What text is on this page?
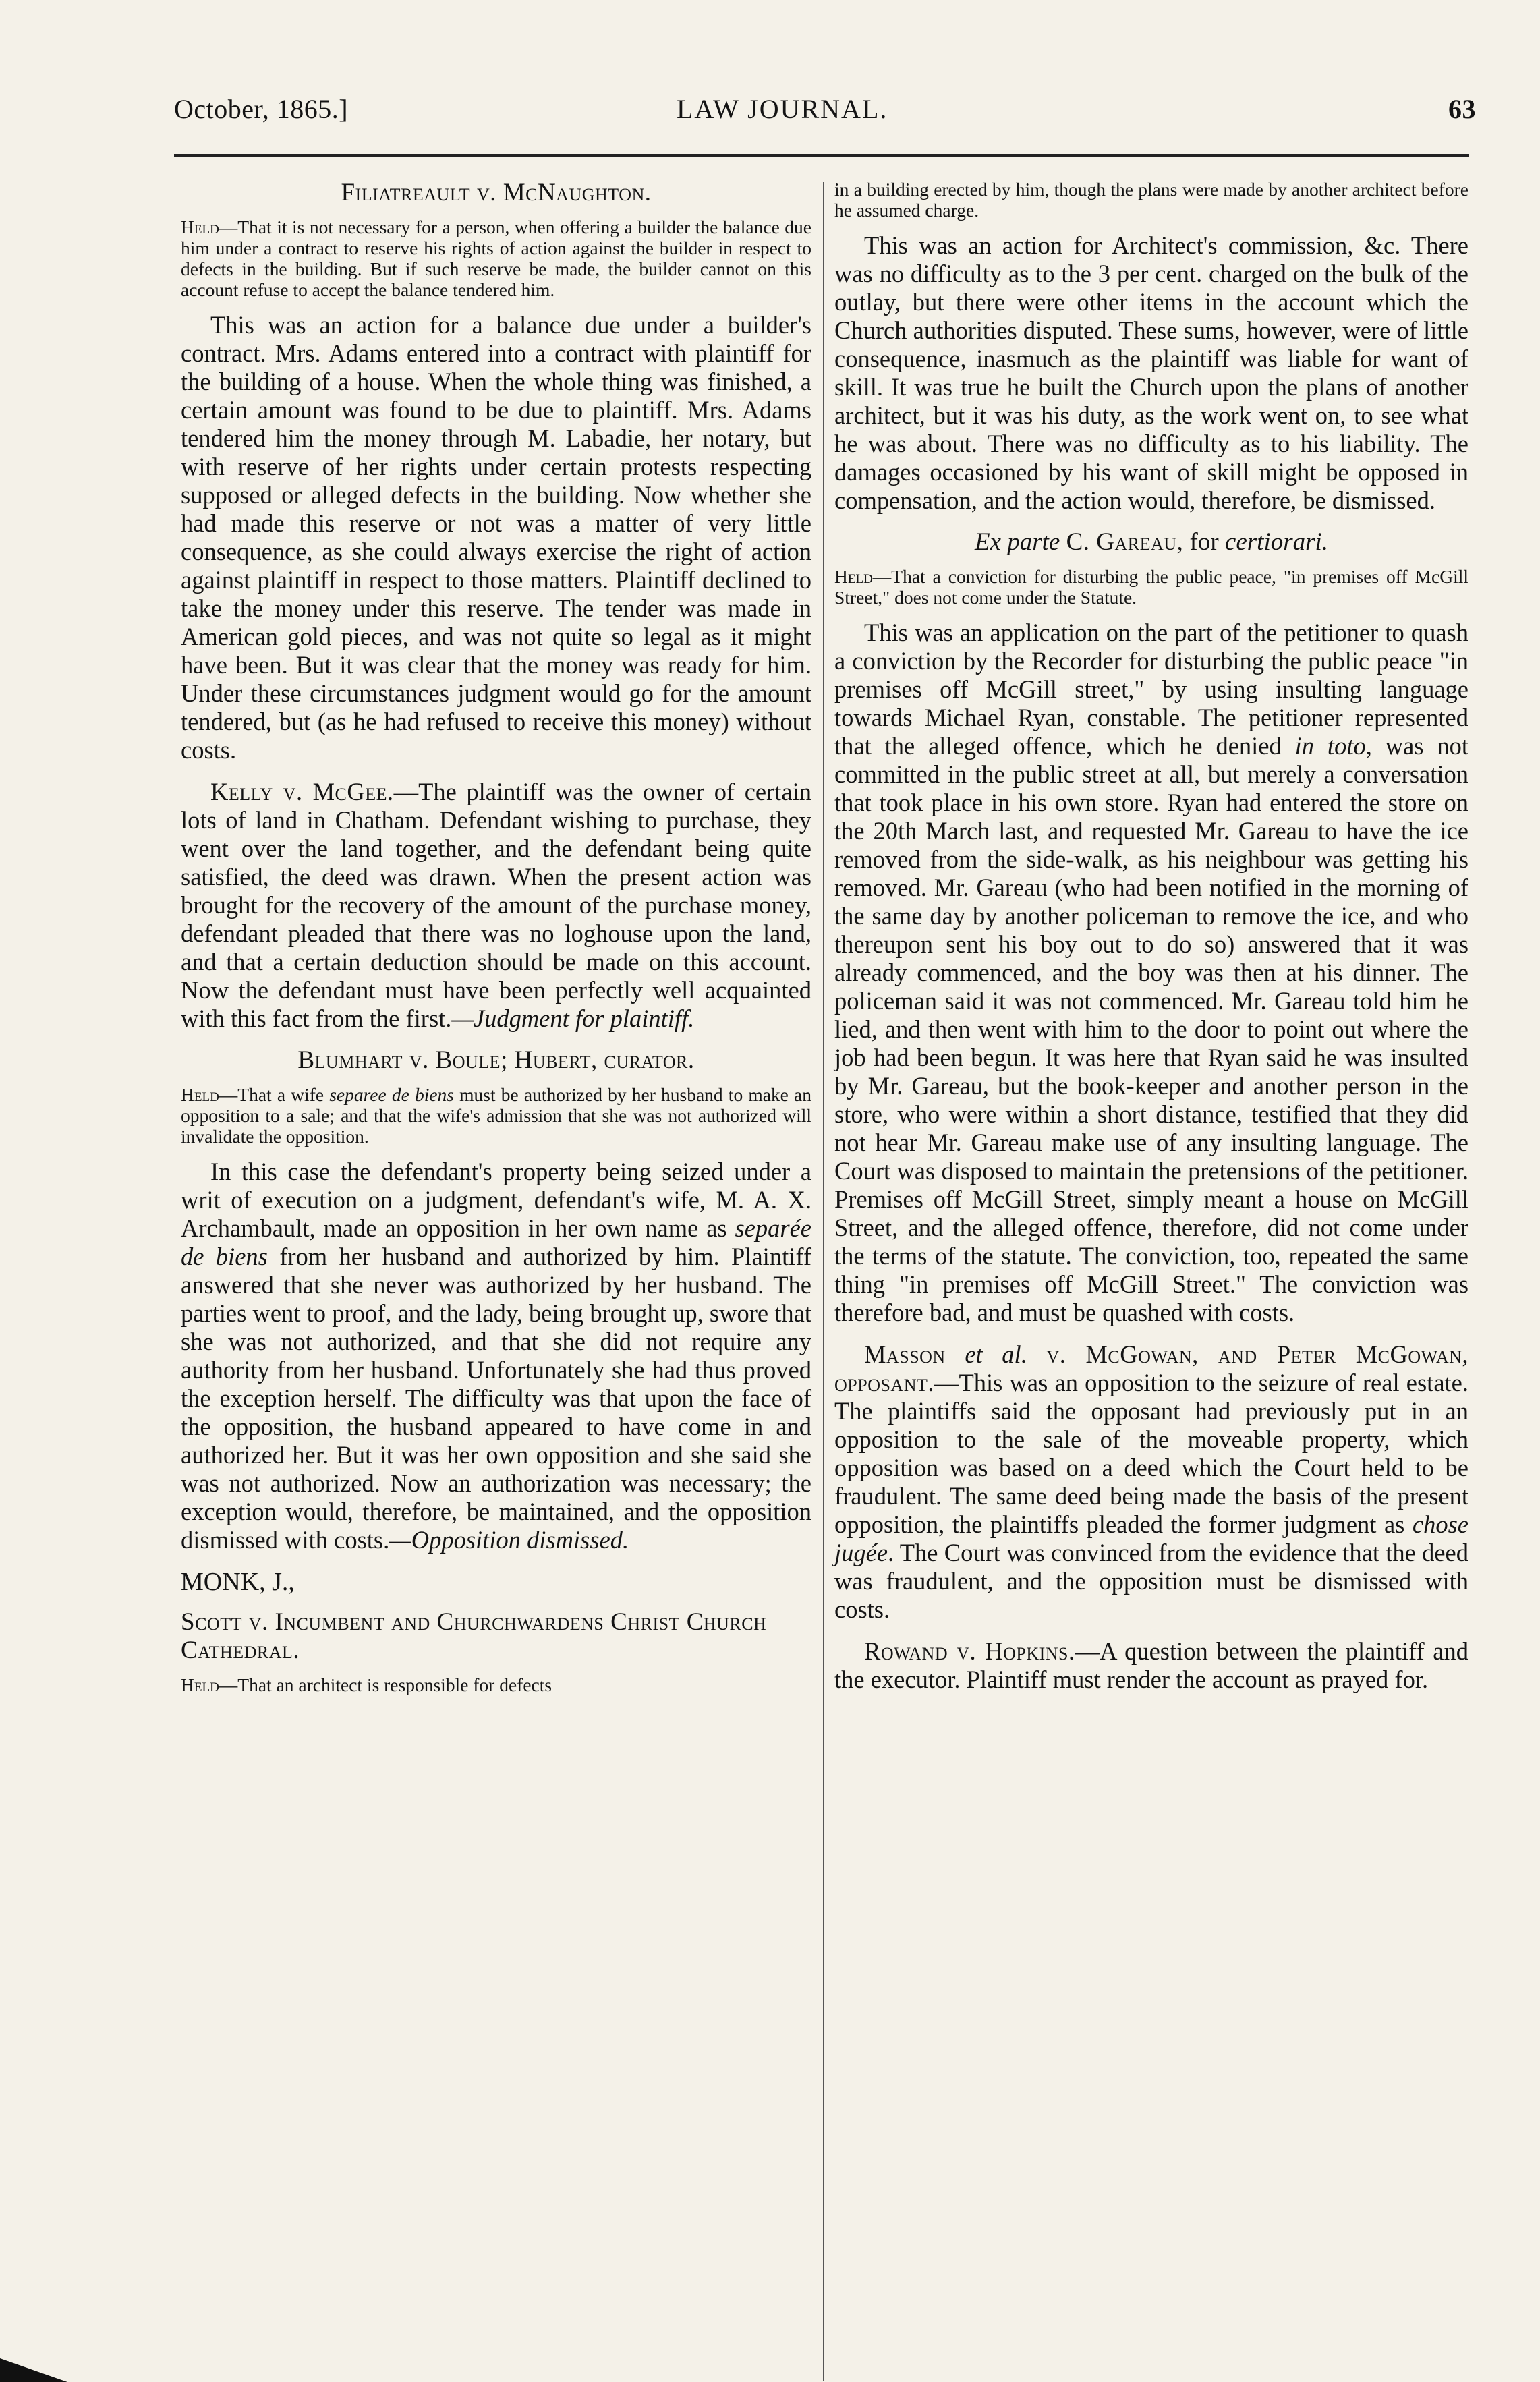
October, 1865.]	LAW JOURNAL.	63
Filiatreault v. McNaughton.
Held—That it is not necessary for a person, when offering a builder the balance due him under a contract to reserve his rights of action against the builder in respect to defects in the building. But if such reserve be made, the builder cannot on this account refuse to accept the balance tendered him.

This was an action for a balance due under a builder's contract. Mrs. Adams entered into a contract with plaintiff for the building of a house. When the whole thing was finished, a certain amount was found to be due to plaintiff. Mrs. Adams tendered him the money through M. Labadie, her notary, but with reserve of her rights under certain protests respecting supposed or alleged defects in the building. Now whether she had made this reserve or not was a matter of very little consequence, as she could always exercise the right of action against plaintiff in respect to those matters. Plaintiff declined to take the money under this reserve. The tender was made in American gold pieces, and was not quite so legal as it might have been. But it was clear that the money was ready for him. Under these circumstances judgment would go for the amount tendered, but (as he had refused to receive this money) without costs.

Kelly v. McGee.—The plaintiff was the owner of certain lots of land in Chatham. Defendant wishing to purchase, they went over the land together, and the defendant being quite satisfied, the deed was drawn. When the present action was brought for the recovery of the amount of the purchase money, defendant pleaded that there was no loghouse upon the land, and that a certain deduction should be made on this account. Now the defendant must have been perfectly well acquainted with this fact from the first.—Judgment for plaintiff.

Blumhart v. Boule; Hubert, curator.
Held—That a wife separee de biens must be authorized by her husband to make an opposition to a sale; and that the wife's admission that she was not authorized will invalidate the opposition.

In this case the defendant's property being seized under a writ of execution on a judgment, defendant's wife, M. A. X. Archambault, made an opposition in her own name as separée de biens from her husband and authorized by him. Plaintiff answered that she never was authorized by her husband. The parties went to proof, and the lady, being brought up, swore that she was not authorized, and that she did not require any authority from her husband. Unfortunately she had thus proved the exception herself. The difficulty was that upon the face of the opposition, the husband appeared to have come in and authorized her. But it was her own opposition and she said she was not authorized. Now an authorization was necessary; the exception would, therefore, be maintained, and the opposition dismissed with costs.—Opposition dismissed.

MONK, J.,
Scott v. Incumbent and Churchwardens Christ Church Cathedral.
Held—That an architect is responsible for defects
in a building erected by him, though the plans were made by another architect before he assumed charge.

This was an action for Architect's commission, &c. There was no difficulty as to the 3 per cent. charged on the bulk of the outlay, but there were other items in the account which the Church authorities disputed. These sums, however, were of little consequence, inasmuch as the plaintiff was liable for want of skill. It was true he built the Church upon the plans of another architect, but it was his duty, as the work went on, to see what he was about. There was no difficulty as to his liability. The damages occasioned by his want of skill might be opposed in compensation, and the action would, therefore, be dismissed.

Ex parte C. Gareau, for certiorari.
Held—That a conviction for disturbing the public peace, "in premises off McGill Street," does not come under the Statute.

This was an application on the part of the petitioner to quash a conviction by the Recorder for disturbing the public peace "in premises off McGill street," by using insulting language towards Michael Ryan, constable. The petitioner represented that the alleged offence, which he denied in toto, was not committed in the public street at all, but merely a conversation that took place in his own store. Ryan had entered the store on the 20th March last, and requested Mr. Gareau to have the ice removed from the side-walk, as his neighbour was getting his removed. Mr. Gareau (who had been notified in the morning of the same day by another policeman to remove the ice, and who thereupon sent his boy out to do so) answered that it was already commenced, and the boy was then at his dinner. The policeman said it was not commenced. Mr. Gareau told him he lied, and then went with him to the door to point out where the job had been begun. It was here that Ryan said he was insulted by Mr. Gareau, but the book-keeper and another person in the store, who were within a short distance, testified that they did not hear Mr. Gareau make use of any insulting language. The Court was disposed to maintain the pretensions of the petitioner. Premises off McGill Street, simply meant a house on McGill Street, and the alleged offence, therefore, did not come under the terms of the statute. The conviction, too, repeated the same thing "in premises off McGill Street." The conviction was therefore bad, and must be quashed with costs.

Masson et al. v. McGowan, and Peter McGowan, opposant.—This was an opposition to the seizure of real estate. The plaintiffs said the opposant had previously put in an opposition to the sale of the moveable property, which opposition was based on a deed which the Court held to be fraudulent. The same deed being made the basis of the present opposition, the plaintiffs pleaded the former judgment as chose jugée. The Court was convinced from the evidence that the deed was fraudulent, and the opposition must be dismissed with costs.

Rowand v. Hopkins.—A question between the plaintiff and the executor. Plaintiff must render the account as prayed for.
